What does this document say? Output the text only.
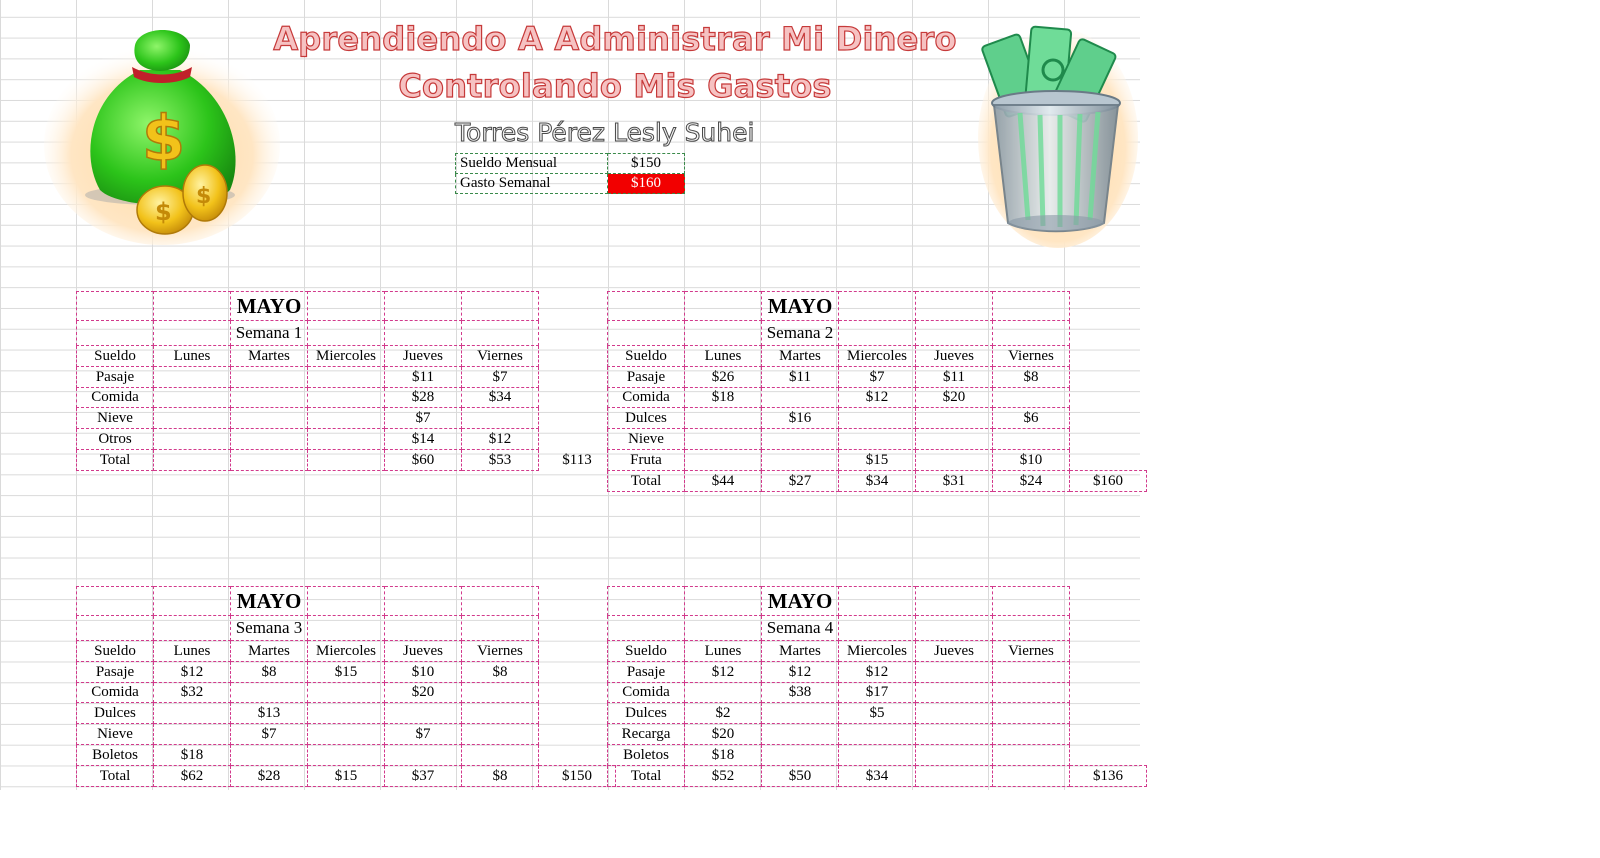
$
$
$
Aprendiendo A Administrar Mi Dinero
Controlando Mis Gastos
Torres Pérez Lesly Suhei
Sueldo Mensual	$150
Gasto Semanal	$160
		MAYO				
		Semana 1				
Sueldo	Lunes	Martes	Miercoles	Jueves	Viernes	
Pasaje				$11	$7	
Comida				$28	$34	
Nieve				$7		
Otros				$14	$12	
Total				$60	$53	$113
		MAYO				
		Semana 2				
Sueldo	Lunes	Martes	Miercoles	Jueves	Viernes	
Pasaje	$26	$11	$7	$11	$8	
Comida	$18		$12	$20		
Dulces		$16			$6	
Nieve						
Fruta			$15		$10	
Total	$44	$27	$34	$31	$24	$160
		MAYO				
		Semana 3				
Sueldo	Lunes	Martes	Miercoles	Jueves	Viernes	
Pasaje	$12	$8	$15	$10	$8	
Comida	$32			$20		
Dulces		$13				
Nieve		$7		$7		
Boletos	$18					
Total	$62	$28	$15	$37	$8	$150
		MAYO				
		Semana 4				
Sueldo	Lunes	Martes	Miercoles	Jueves	Viernes	
Pasaje	$12	$12	$12			
Comida		$38	$17			
Dulces	$2		$5			
Recarga	$20					
Boletos	$18					
Total	$52	$50	$34			$136
